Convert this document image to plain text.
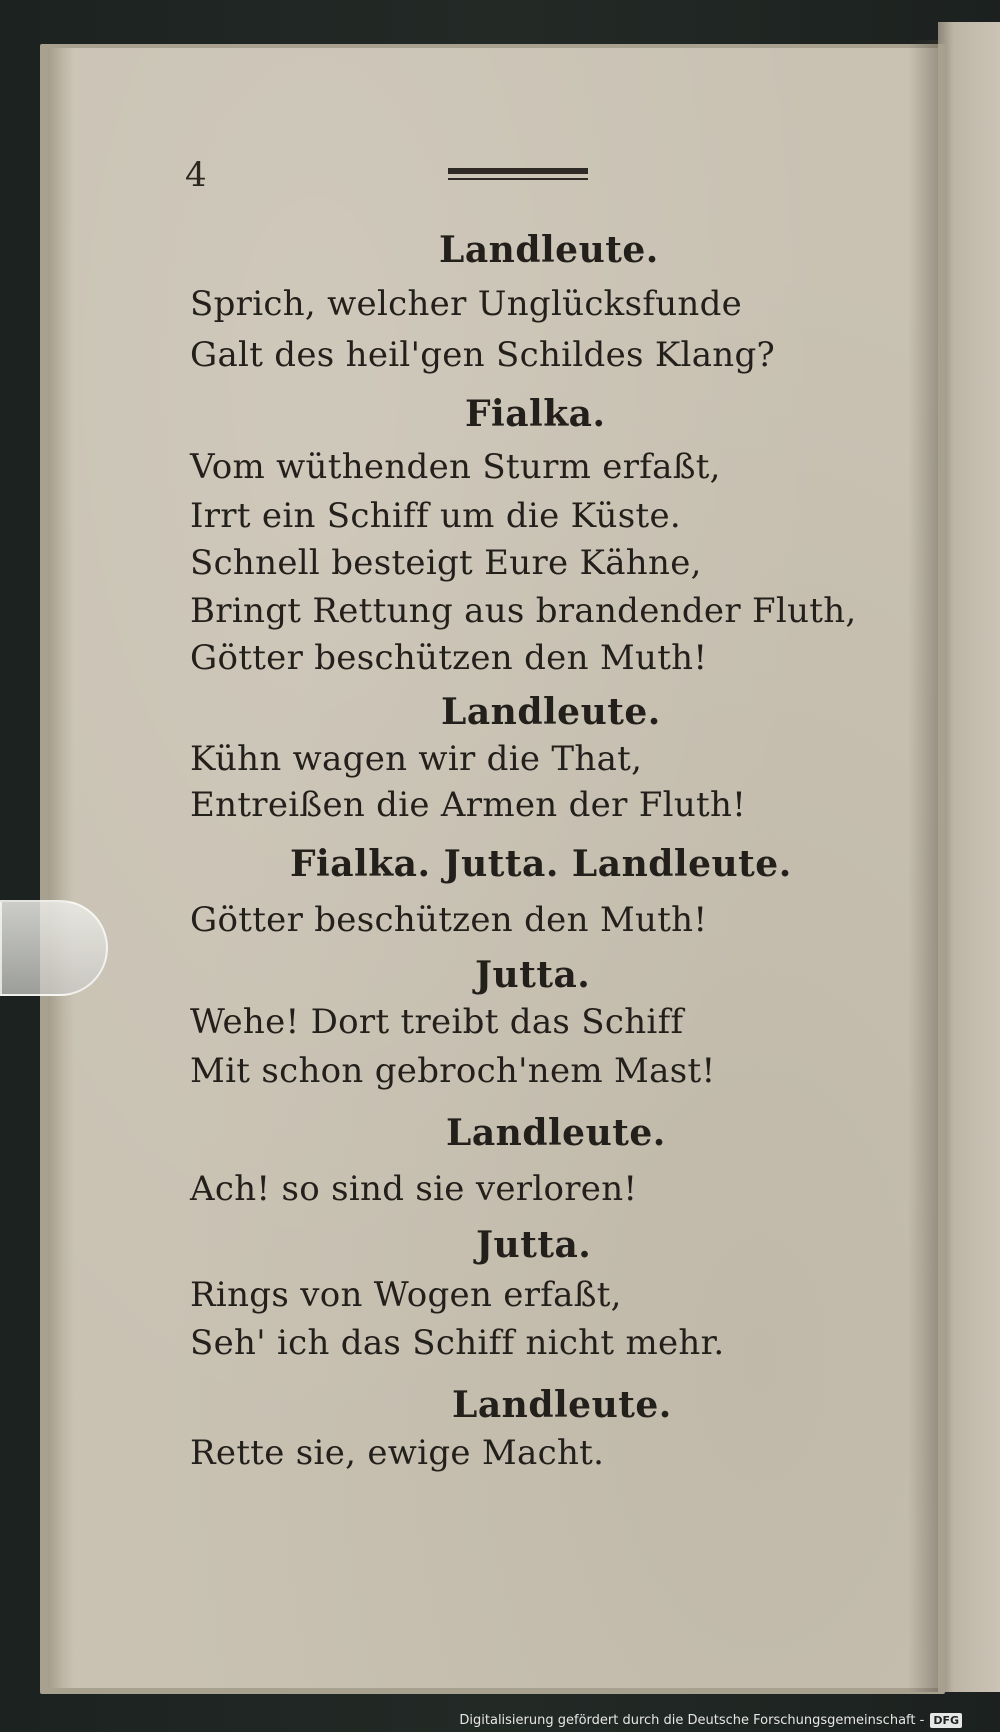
4

Landleute.

Sprich, welcher Unglücksfunde

Galt des heil'gen Schildes Klang?

Fialka.

Vom wüthenden Sturm erfaßt,

Irrt ein Schiff um die Küste.

Schnell besteigt Eure Kähne,

Bringt Rettung aus brandender Fluth,

Götter beschützen den Muth!

Landleute.

Kühn wagen wir die That,

Entreißen die Armen der Fluth!

Fialka. Jutta. Landleute.

Götter beschützen den Muth!

Jutta.

Wehe! Dort treibt das Schiff

Mit schon gebroch'nem Mast!

Landleute.

Ach! so sind sie verloren!

Jutta.

Rings von Wogen erfaßt,

Seh' ich das Schiff nicht mehr.

Landleute.

Rette sie, ewige Macht.

Digitalisierung gefördert durch die Deutsche Forschungsgemeinschaft - DFG
